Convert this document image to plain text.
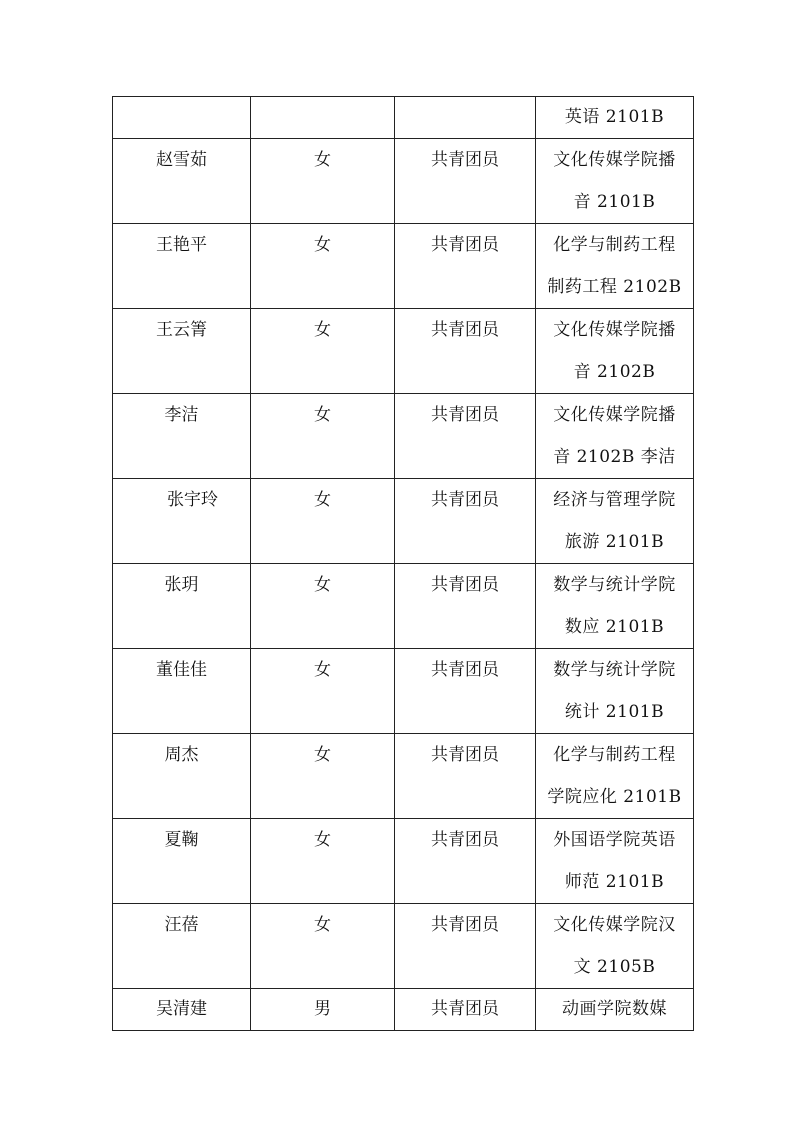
			英语 2101B
赵雪茹	女	共青团员	文化传媒学院播
音 2101B

王艳平	女	共青团员	化学与制药工程
制药工程 2102B

王云箐	女	共青团员	文化传媒学院播
音 2102B

李洁	女	共青团员	文化传媒学院播
音 2102B 李洁

张宇玲	女	共青团员	经济与管理学院
旅游 2101B

张玥	女	共青团员	数学与统计学院
数应 2101B

董佳佳	女	共青团员	数学与统计学院
统计 2101B

周杰	女	共青团员	化学与制药工程
学院应化 2101B

夏鞠	女	共青团员	外国语学院英语
师范 2101B

汪蓓	女	共青团员	文化传媒学院汉
文 2105B

吴清建	男	共青团员	动画学院数媒
